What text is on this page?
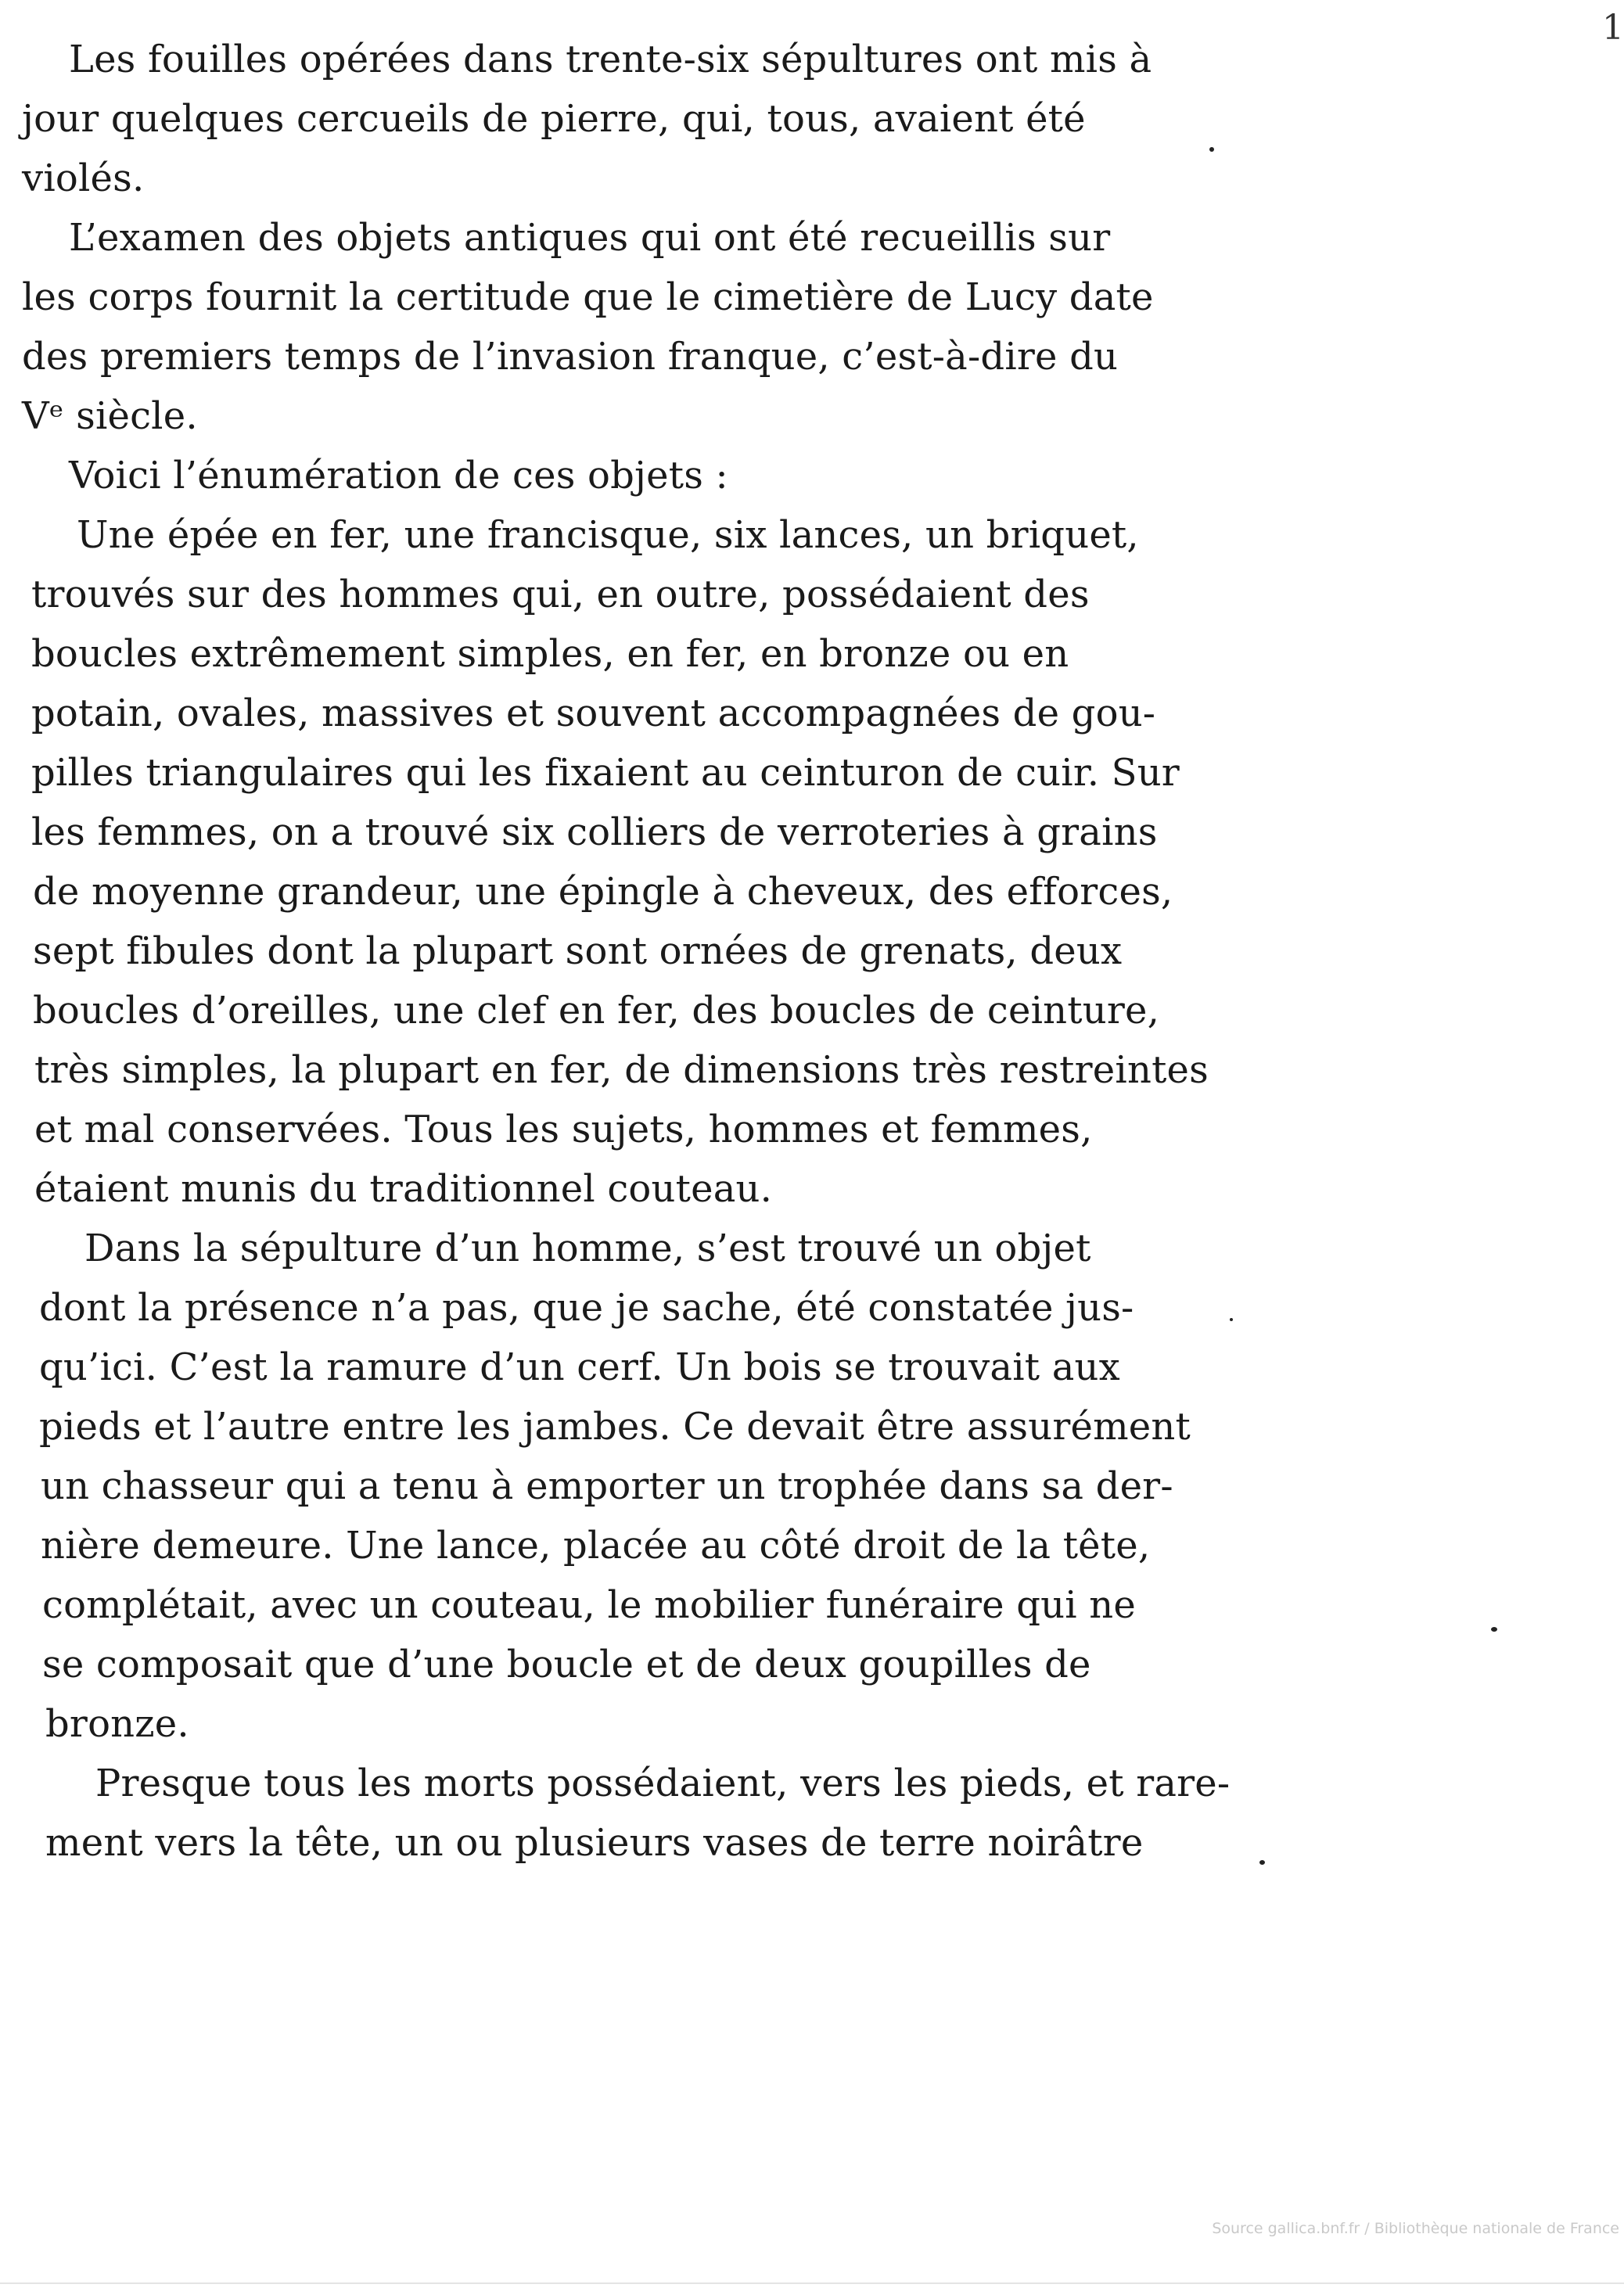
1
Les fouilles opérées dans trente-six sépultures ont mis à
jour quelques cercueils de pierre, qui, tous, avaient été
violés.
L’examen des objets antiques qui ont été recueillis sur
les corps fournit la certitude que le cimetière de Lucy date
des premiers temps de l’invasion franque, c’est-à-dire du
Vᵉ siècle.
Voici l’énumération de ces objets :
Une épée en fer, une francisque, six lances, un briquet,
trouvés sur des hommes qui, en outre, possédaient des
boucles extrêmement simples, en fer, en bronze ou en
potain, ovales, massives et souvent accompagnées de gou-
pilles triangulaires qui les fixaient au ceinturon de cuir. Sur
les femmes, on a trouvé six colliers de verroteries à grains
de moyenne grandeur, une épingle à cheveux, des efforces,
sept fibules dont la plupart sont ornées de grenats, deux
boucles d’oreilles, une clef en fer, des boucles de ceinture,
très simples, la plupart en fer, de dimensions très restreintes
et mal conservées. Tous les sujets, hommes et femmes,
étaient munis du traditionnel couteau.
Dans la sépulture d’un homme, s’est trouvé un objet
dont la présence n’a pas, que je sache, été constatée jus-
qu’ici. C’est la ramure d’un cerf. Un bois se trouvait aux
pieds et l’autre entre les jambes. Ce devait être assurément
un chasseur qui a tenu à emporter un trophée dans sa der-
nière demeure. Une lance, placée au côté droit de la tête,
complétait, avec un couteau, le mobilier funéraire qui ne
se composait que d’une boucle et de deux goupilles de
bronze.
Presque tous les morts possédaient, vers les pieds, et rare-
ment vers la tête, un ou plusieurs vases de terre noirâtre
Source gallica.bnf.fr / Bibliothèque nationale de France
